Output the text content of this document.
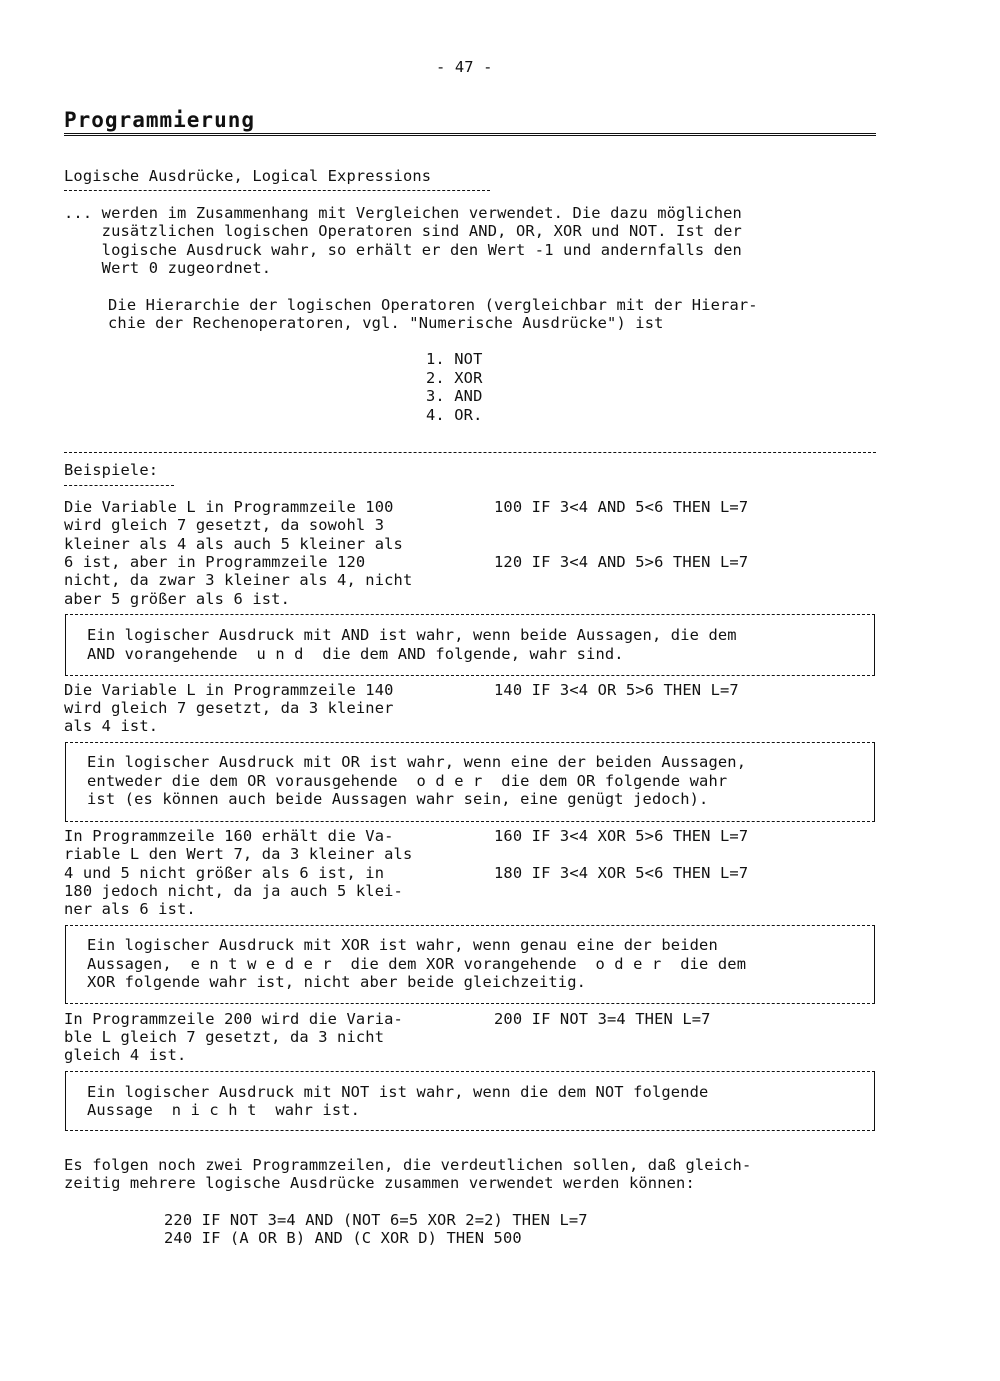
- 47 -
Programmierung
Logische Ausdrücke, Logical Expressions
... werden im Zusammenhang mit Vergleichen verwendet. Die dazu möglichen
zusätzlichen logischen Operatoren sind AND, OR, XOR und NOT. Ist der
logische Ausdruck wahr, so erhält er den Wert -1 und andernfalls den
Wert 0 zugeordnet.
Die Hierarchie der logischen Operatoren (vergleichbar mit der Hierar-
chie der Rechenoperatoren, vgl. "Numerische Ausdrücke") ist
1. NOT
2. XOR
3. AND
4. OR.
Beispiele:
Die Variable L in Programmzeile 100
wird gleich 7 gesetzt, da sowohl 3
kleiner als 4 als auch 5 kleiner als
6 ist, aber in Programmzeile 120
nicht, da zwar 3 kleiner als 4, nicht
aber 5 größer als 6 ist.
100 IF 3<4 AND 5<6 THEN L=7
120 IF 3<4 AND 5>6 THEN L=7
Ein logischer Ausdruck mit AND ist wahr, wenn beide Aussagen, die dem
AND vorangehende  u n d  die dem AND folgende, wahr sind.
Die Variable L in Programmzeile 140
wird gleich 7 gesetzt, da 3 kleiner
als 4 ist.
140 IF 3<4 OR 5>6 THEN L=7
Ein logischer Ausdruck mit OR ist wahr, wenn eine der beiden Aussagen,
entweder die dem OR vorausgehende  o d e r  die dem OR folgende wahr
ist (es können auch beide Aussagen wahr sein, eine genügt jedoch).
In Programmzeile 160 erhält die Va-
riable L den Wert 7, da 3 kleiner als
4 und 5 nicht größer als 6 ist, in
180 jedoch nicht, da ja auch 5 klei-
ner als 6 ist.
160 IF 3<4 XOR 5>6 THEN L=7
180 IF 3<4 XOR 5<6 THEN L=7
Ein logischer Ausdruck mit XOR ist wahr, wenn genau eine der beiden
Aussagen,  e n t w e d e r  die dem XOR vorangehende  o d e r  die dem
XOR folgende wahr ist, nicht aber beide gleichzeitig.
In Programmzeile 200 wird die Varia-
ble L gleich 7 gesetzt, da 3 nicht
gleich 4 ist.
200 IF NOT 3=4 THEN L=7
Ein logischer Ausdruck mit NOT ist wahr, wenn die dem NOT folgende
Aussage  n i c h t  wahr ist.
Es folgen noch zwei Programmzeilen, die verdeutlichen sollen, daß gleich-
zeitig mehrere logische Ausdrücke zusammen verwendet werden können:
220 IF NOT 3=4 AND (NOT 6=5 XOR 2=2) THEN L=7
240 IF (A OR B) AND (C XOR D) THEN 500
